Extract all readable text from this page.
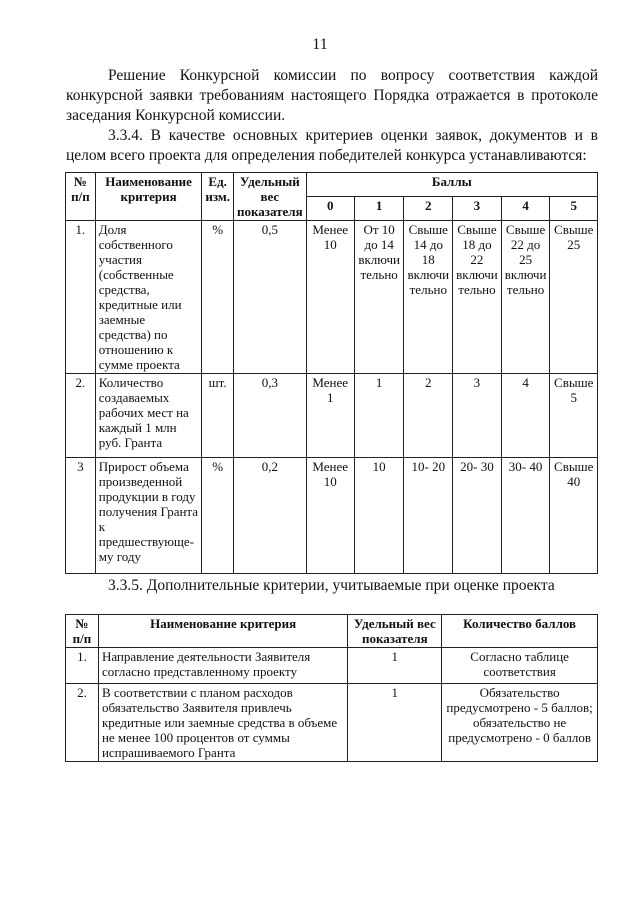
11
Решение Конкурсной комиссии по вопросу соответствия каждой конкурсной заявки требованиям настоящего Порядка отражается в протоколе заседания Конкурсной комиссии.
3.3.4. В качестве основных критериев оценки заявок, документов и в целом всего проекта для определения победителей конкурса устанавливаются:
№ п/п	Наименование критерия	Ед. изм.	Удельный вес показателя	Баллы					
				0	1	2	3	4	5
1.	Доля собственного участия (собственные средства, кредитные или заемные средства) по отношению к сумме проекта	%	0,5	Менее 10	От 10 до 14 включи тельно	Свыше 14 до 18 включи тельно	Свыше 18 до 22 включи тельно	Свыше 22 до 25 включи тельно	Свыше 25
2.	Количество создаваемых рабочих мест на каждый 1 млн руб. Гранта	шт.	0,3	Менее 1	1	2	3	4	Свыше 5
3	Прирост объема произведенной продукции в году получения Гранта к предшествующе- му году	%	0,2	Менее 10	10	10- 20	20- 30	30- 40	Свыше 40
3.3.5. Дополнительные критерии, учитываемые при оценке проекта
№ п/п	Наименование критерия	Удельный вес показателя	Количество баллов
1.	Направление деятельности Заявителя согласно представленному проекту	1	Согласно таблице соответствия
2.	В соответствии с планом расходов обязательство Заявителя привлечь кредитные или заемные средства в объеме не менее 100 процентов от суммы испрашиваемого Гранта	1	Обязательство предусмотрено - 5 баллов; обязательство не предусмотрено - 0 баллов
